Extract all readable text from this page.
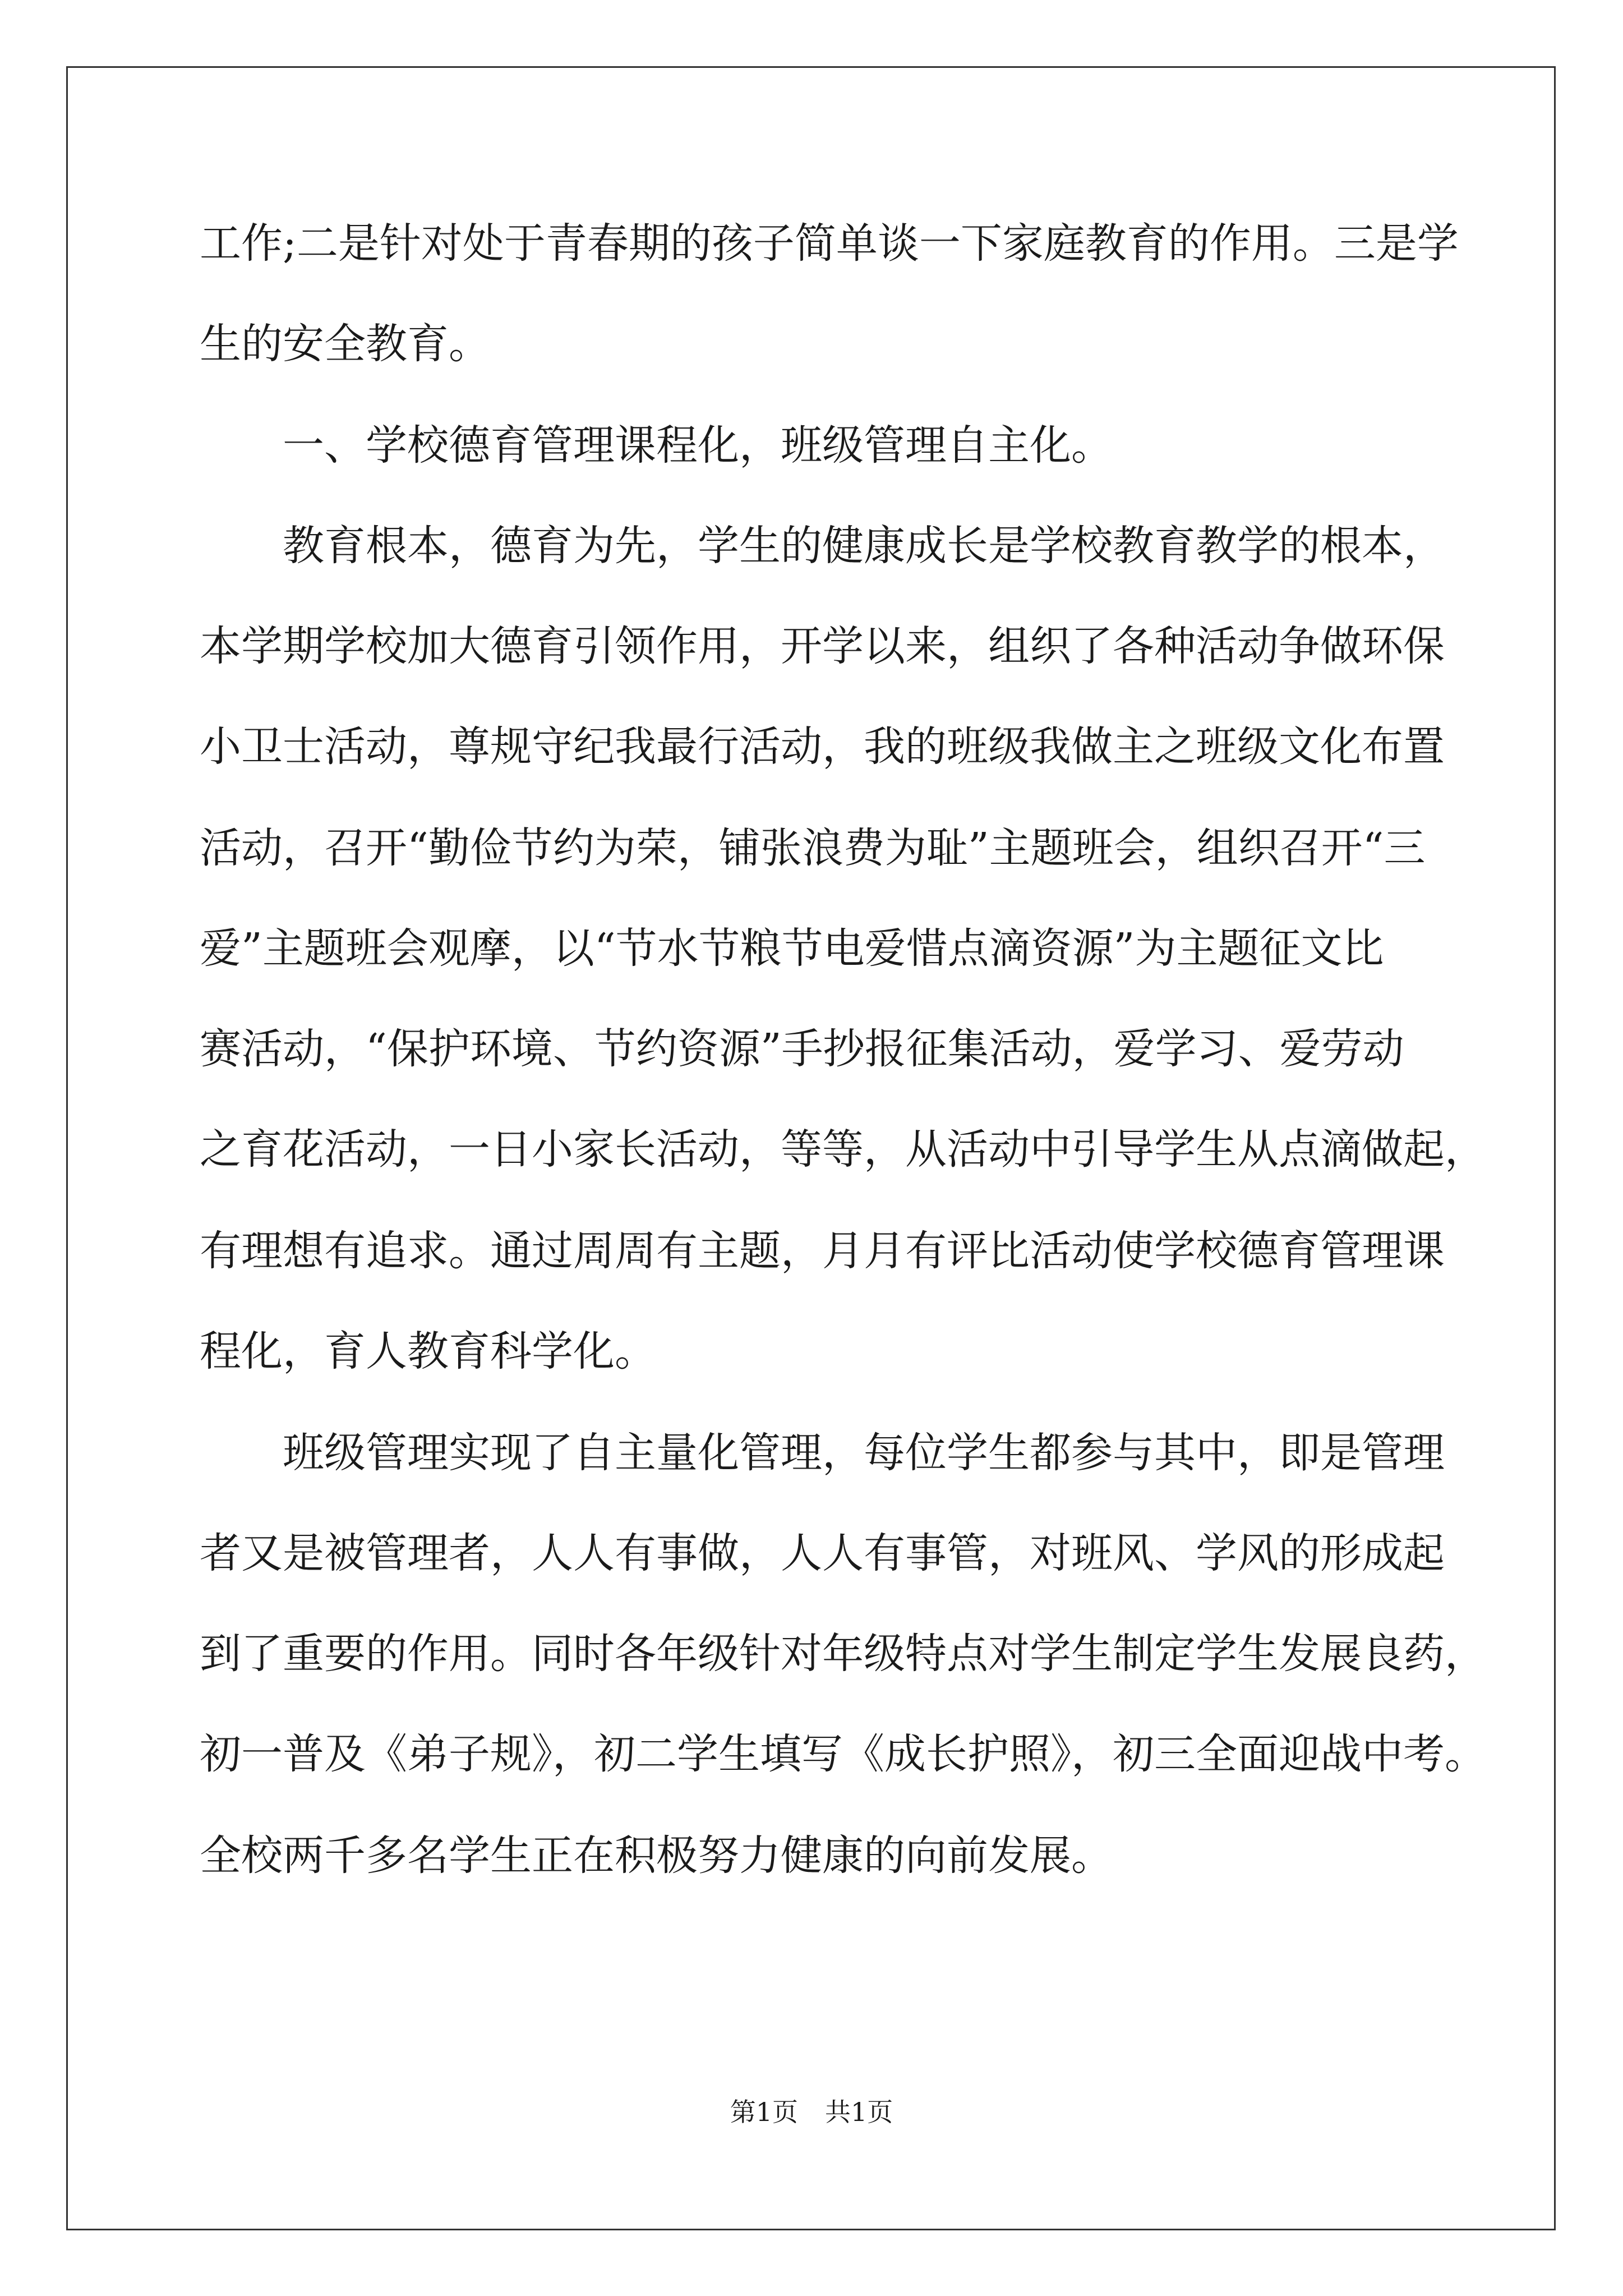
工作;二是针对处于青春期的孩子简单谈一下家庭教育的作用。三是学
生的安全教育。
　　一、学校德育管理课程化，班级管理自主化。
　　教育根本，德育为先，学生的健康成长是学校教育教学的根本，
本学期学校加大德育引领作用，开学以来，组织了各种活动争做环保
小卫士活动，尊规守纪我最行活动，我的班级我做主之班级文化布置
活动，召开“勤俭节约为荣，铺张浪费为耻”主题班会，组织召开“三
爱”主题班会观摩，以“节水节粮节电爱惜点滴资源”为主题征文比
赛活动，“保护环境、节约资源”手抄报征集活动，爱学习、爱劳动
之育花活动，一日小家长活动，等等，从活动中引导学生从点滴做起，
有理想有追求。通过周周有主题，月月有评比活动使学校德育管理课
程化，育人教育科学化。
　　班级管理实现了自主量化管理，每位学生都参与其中，即是管理
者又是被管理者，人人有事做，人人有事管，对班风、学风的形成起
到了重要的作用。同时各年级针对年级特点对学生制定学生发展良药，
初一普及《弟子规》，初二学生填写《成长护照》，初三全面迎战中考。
全校两千多名学生正在积极努力健康的向前发展。
第1页 共1页
